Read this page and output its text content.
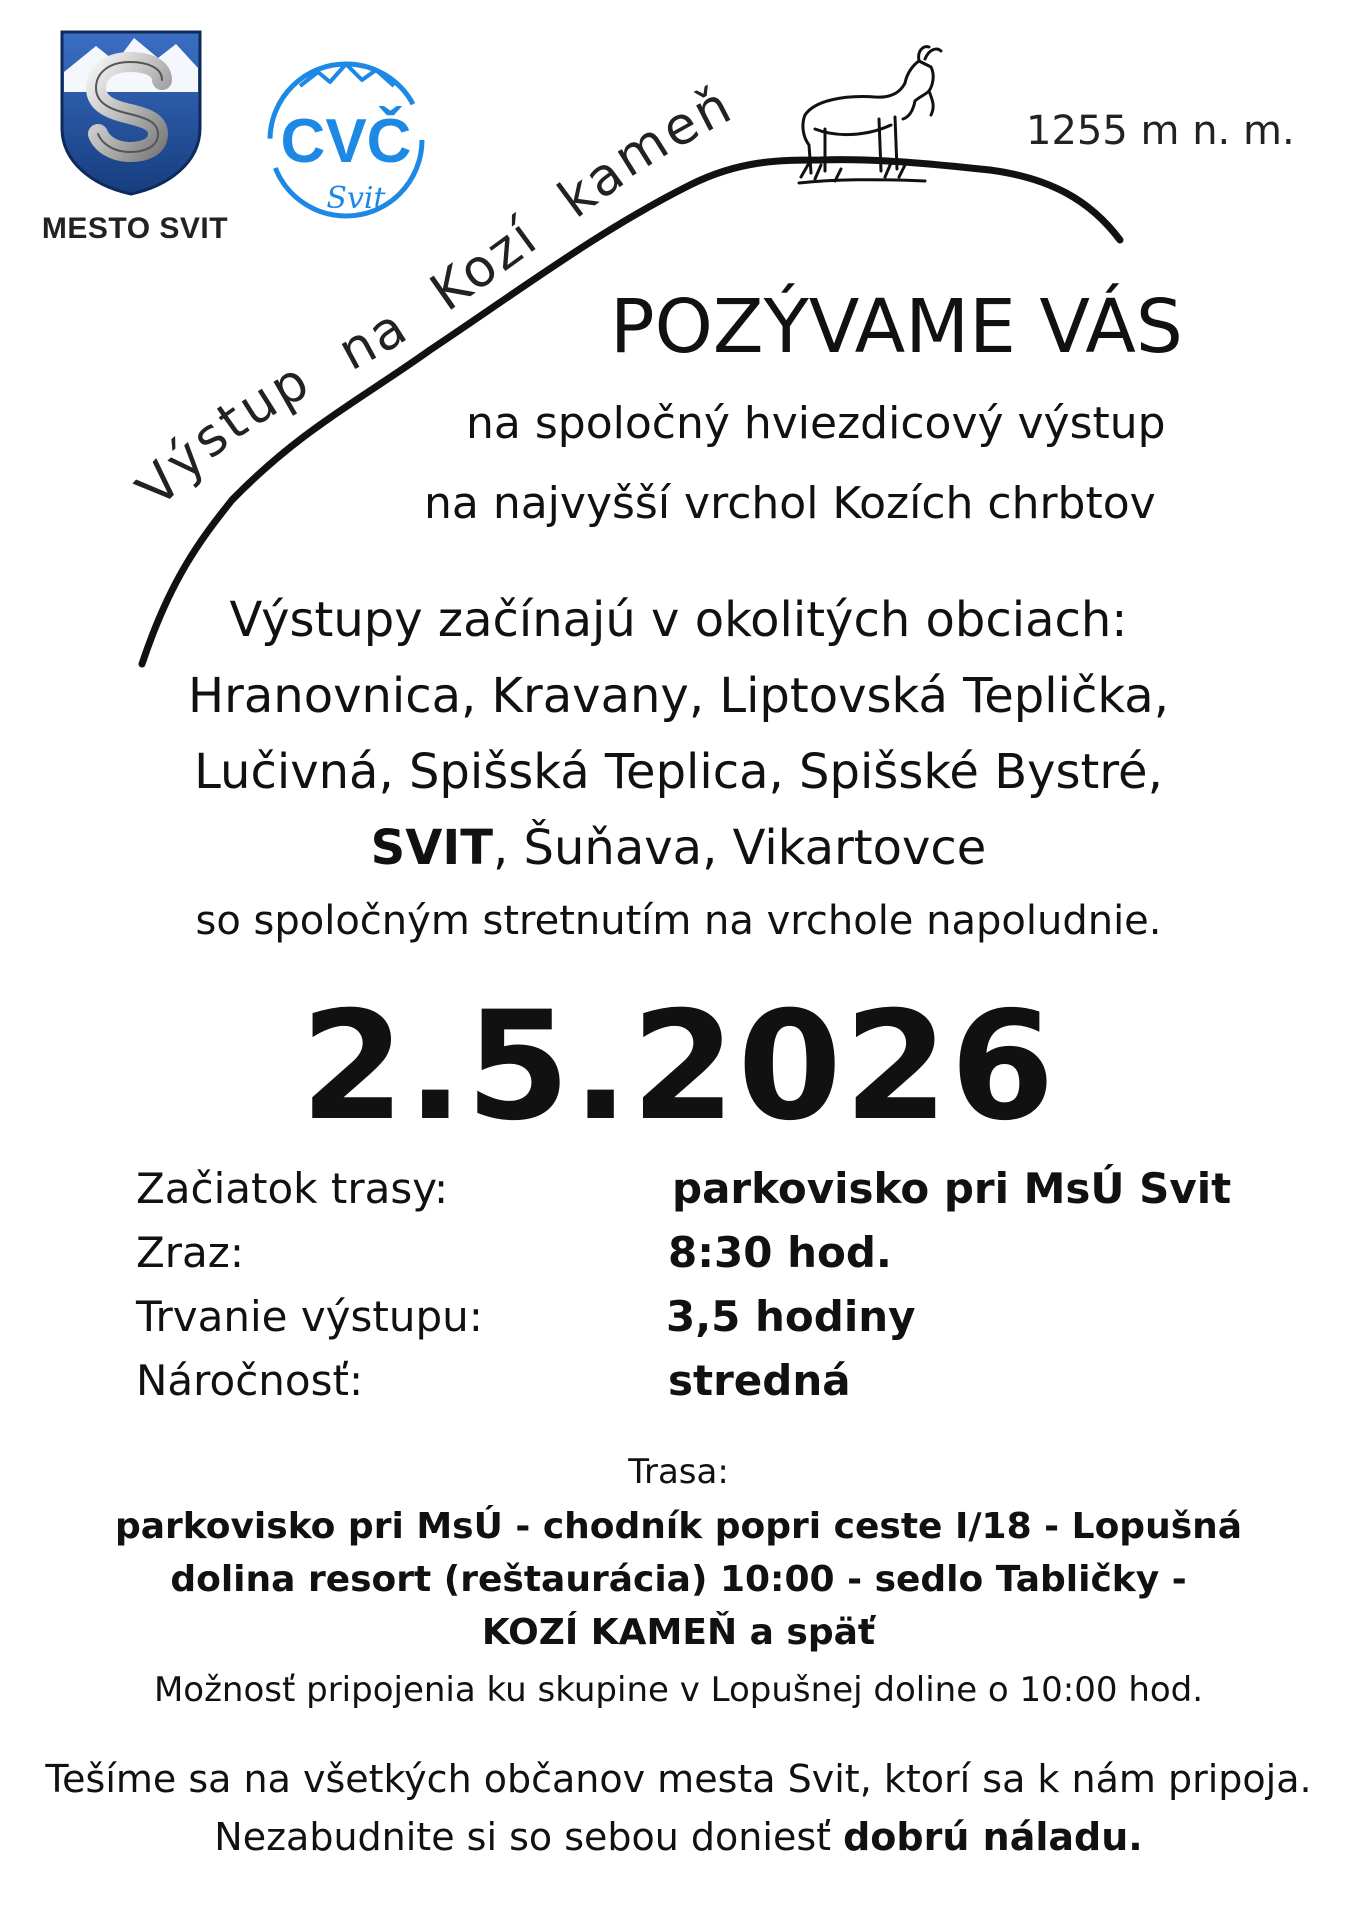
MESTO SVIT
CVČ
Svit
1255 m n. m.
Výstup na Kozí kameň
POZÝVAME VÁS
na spoločný hviezdicový výstup
na najvyšší vrchol Kozích chrbtov
Výstupy začínajú v okolitých obciach:
Hranovnica, Kravany, Liptovská Teplička,
Lučivná, Spišská Teplica, Spišské Bystré,
SVIT, Šuňava, Vikartovce
so spoločným stretnutím na vrchole napoludnie.
2.5.2026
Začiatok trasy:	parkovisko pri MsÚ Svit
Zraz:	8:30 hod.
Trvanie výstupu:	3,5 hodiny
Náročnosť:	stredná
Trasa:
parkovisko pri MsÚ - chodník popri ceste I/18 - Lopušná
dolina resort (reštaurácia) 10:00 - sedlo Tabličky -
KOZÍ KAMEŇ a späť
Možnosť pripojenia ku skupine v Lopušnej doline o 10:00 hod.
Tešíme sa na všetkých občanov mesta Svit, ktorí sa k nám pripoja.
Nezabudnite si so sebou doniesť dobrú náladu.
